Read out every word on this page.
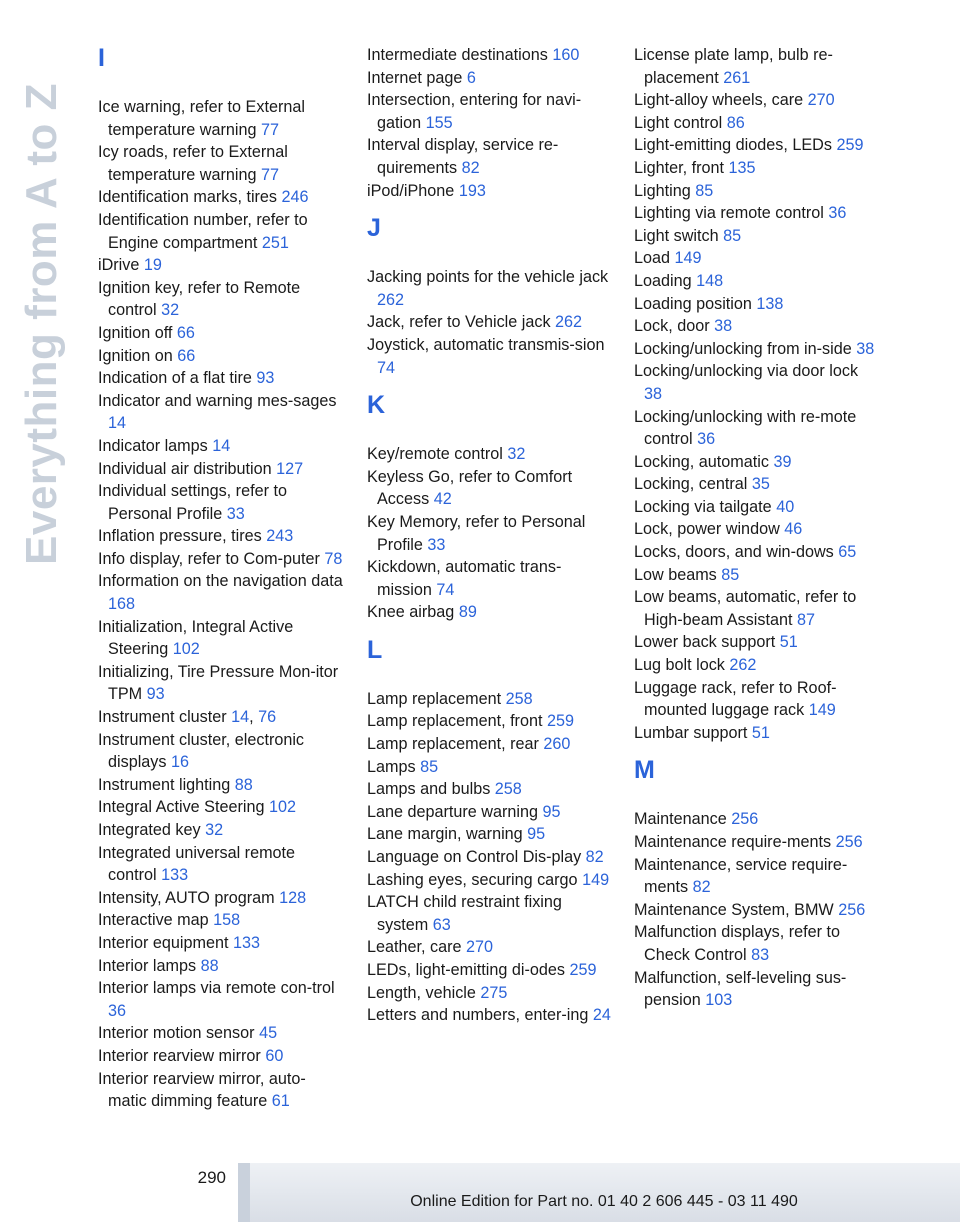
Everything from A to Z
I
Ice warning, refer to External temperature warning 77
Icy roads, refer to External temperature warning 77
Identification marks, tires 246
Identification number, refer to Engine compartment 251
iDrive 19
Ignition key, refer to Remote control 32
Ignition off 66
Ignition on 66
Indication of a flat tire 93
Indicator and warning mes-sages 14
Indicator lamps 14
Individual air distribution 127
Individual settings, refer to Personal Profile 33
Inflation pressure, tires 243
Info display, refer to Com-puter 78
Information on the navigation data 168
Initialization, Integral Active Steering 102
Initializing, Tire Pressure Mon-itor TPM 93
Instrument cluster 14, 76
Instrument cluster, electronic displays 16
Instrument lighting 88
Integral Active Steering 102
Integrated key 32
Integrated universal remote control 133
Intensity, AUTO program 128
Interactive map 158
Interior equipment 133
Interior lamps 88
Interior lamps via remote con-trol 36
Interior motion sensor 45
Interior rearview mirror 60
Interior rearview mirror, auto-matic dimming feature 61
Intermediate destinations 160
Internet page 6
Intersection, entering for navi-gation 155
Interval display, service re-quirements 82
iPod/iPhone 193
J
Jacking points for the vehicle jack 262
Jack, refer to Vehicle jack 262
Joystick, automatic transmis-sion 74
K
Key/remote control 32
Keyless Go, refer to Comfort Access 42
Key Memory, refer to Personal Profile 33
Kickdown, automatic trans-mission 74
Knee airbag 89
L
Lamp replacement 258
Lamp replacement, front 259
Lamp replacement, rear 260
Lamps 85
Lamps and bulbs 258
Lane departure warning 95
Lane margin, warning 95
Language on Control Dis-play 82
Lashing eyes, securing cargo 149
LATCH child restraint fixing system 63
Leather, care 270
LEDs, light-emitting di-odes 259
Length, vehicle 275
Letters and numbers, enter-ing 24
License plate lamp, bulb re-placement 261
Light-alloy wheels, care 270
Light control 86
Light-emitting diodes, LEDs 259
Lighter, front 135
Lighting 85
Lighting via remote control 36
Light switch 85
Load 149
Loading 148
Loading position 138
Lock, door 38
Locking/unlocking from in-side 38
Locking/unlocking via door lock 38
Locking/unlocking with re-mote control 36
Locking, automatic 39
Locking, central 35
Locking via tailgate 40
Lock, power window 46
Locks, doors, and win-dows 65
Low beams 85
Low beams, automatic, refer to High-beam Assistant 87
Lower back support 51
Lug bolt lock 262
Luggage rack, refer to Roof-mounted luggage rack 149
Lumbar support 51
M
Maintenance 256
Maintenance require-ments 256
Maintenance, service require-ments 82
Maintenance System, BMW 256
Malfunction displays, refer to Check Control 83
Malfunction, self-leveling sus-pension 103
290
Online Edition for Part no. 01 40 2 606 445 - 03 11 490
